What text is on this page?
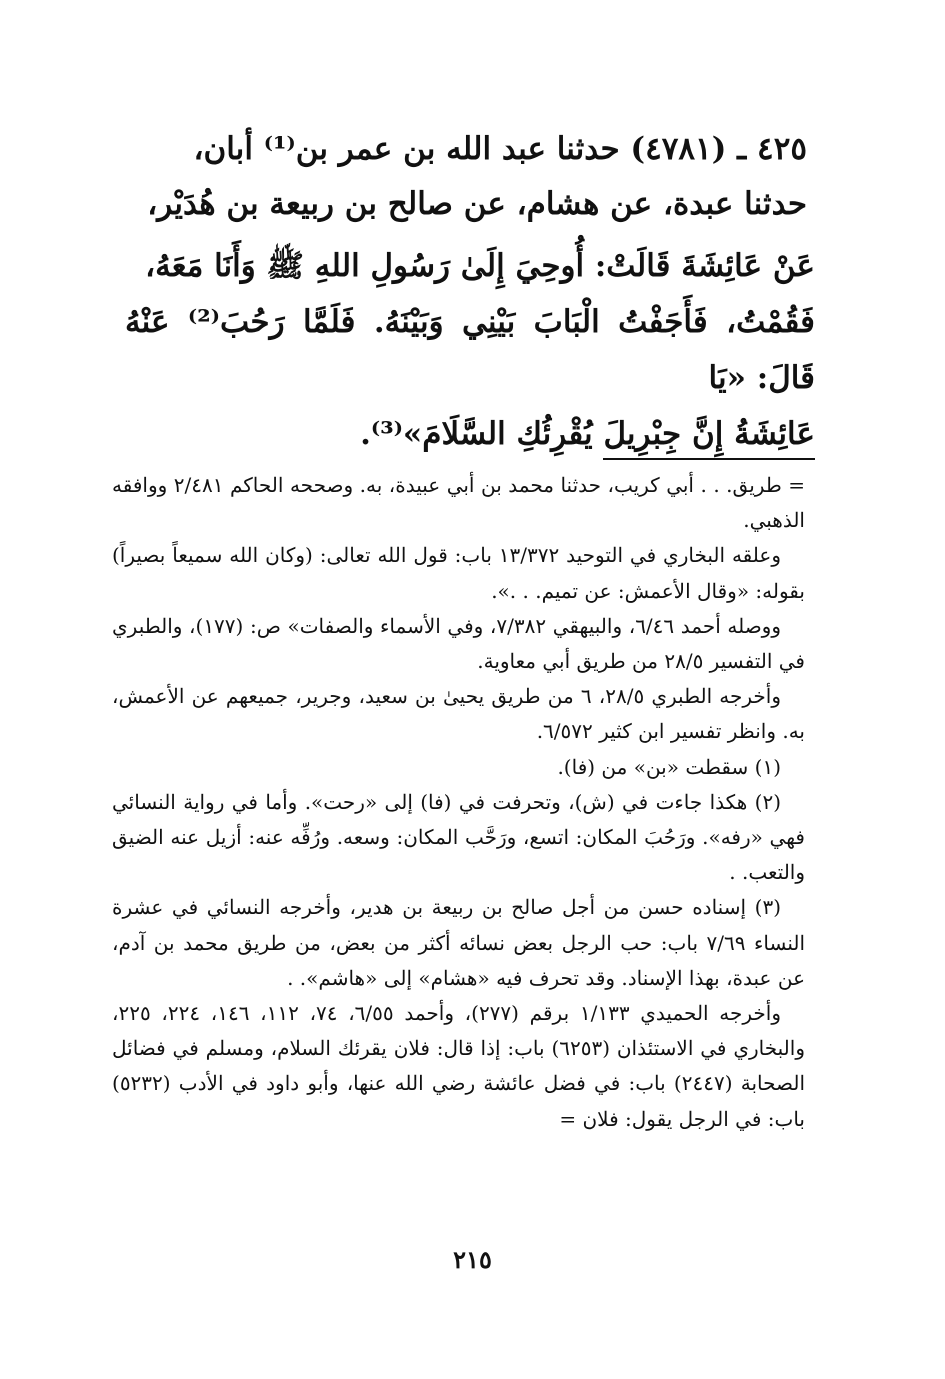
٤٢٥ ـ (٤٧٨١) حدثنا عبد الله بن عمر بن⁽¹⁾ أبان،

حدثنا عبدة، عن هشام، عن صالح بن ربيعة بن هُدَيْر،

عَنْ عَائِشَةَ قَالَتْ: أُوحِيَ إِلَىٰ رَسُولِ اللهِ ﷺ وَأَنَا مَعَهُ،

فَقُمْتُ، فَأَجَفْتُ الْبَابَ بَيْنِي وَبَيْنَهُ. فَلَمَّا رَحُبَ⁽²⁾ عَنْهُ قَالَ: «يَا

عَائِشَةُ إِنَّ جِبْرِيلَ يُقْرِئُكِ السَّلَامَ»⁽³⁾.

= طريق. . . أبي كريب، حدثنا محمد بن أبي عبيدة، به. وصححه الحاكم ٢/٤٨١ ووافقه الذهبي.

وعلقه البخاري في التوحيد ١٣/٣٧٢ باب: قول الله تعالى: (وكان الله سميعاً بصيراً) بقوله: «وقال الأعمش: عن تميم. . .».

ووصله أحمد ٦/٤٦، والبيهقي ٧/٣٨٢، وفي الأسماء والصفات» ص: (١٧٧)، والطبري في التفسير ٢٨/٥ من طريق أبي معاوية.

وأخرجه الطبري ٢٨/٥، ٦ من طريق يحيىٰ بن سعيد، وجرير، جميعهم عن الأعمش، به. وانظر تفسير ابن كثير ٦/٥٧٢.

(١) سقطت «بن» من (فا).

(٢) هكذا جاءت في (ش)، وتحرفت في (فا) إلى «رحت». وأما في رواية النسائي فهي «رفه». ورَحُبَ المكان: اتسع، ورَحَّب المكان: وسعه. ورُفِّه عنه: أزيل عنه الضيق والتعب. .

(٣) إسناده حسن من أجل صالح بن ربيعة بن هدير، وأخرجه النسائي في عشرة النساء ٧/٦٩ باب: حب الرجل بعض نسائه أكثر من بعض، من طريق محمد بن آدم، عن عبدة، بهذا الإسناد. وقد تحرف فيه «هشام» إلى «هاشم». .

وأخرجه الحميدي ١/١٣٣ برقم (٢٧٧)، وأحمد ٦/٥٥، ٧٤، ١١٢، ١٤٦، ٢٢٤، ٢٢٥، والبخاري في الاستئذان (٦٢٥٣) باب: إذا قال: فلان يقرئك السلام، ومسلم في فضائل الصحابة (٢٤٤٧) باب: في فضل عائشة رضي الله عنها، وأبو داود في الأدب (٥٢٣٢) باب: في الرجل يقول: فلان =

٢١٥
